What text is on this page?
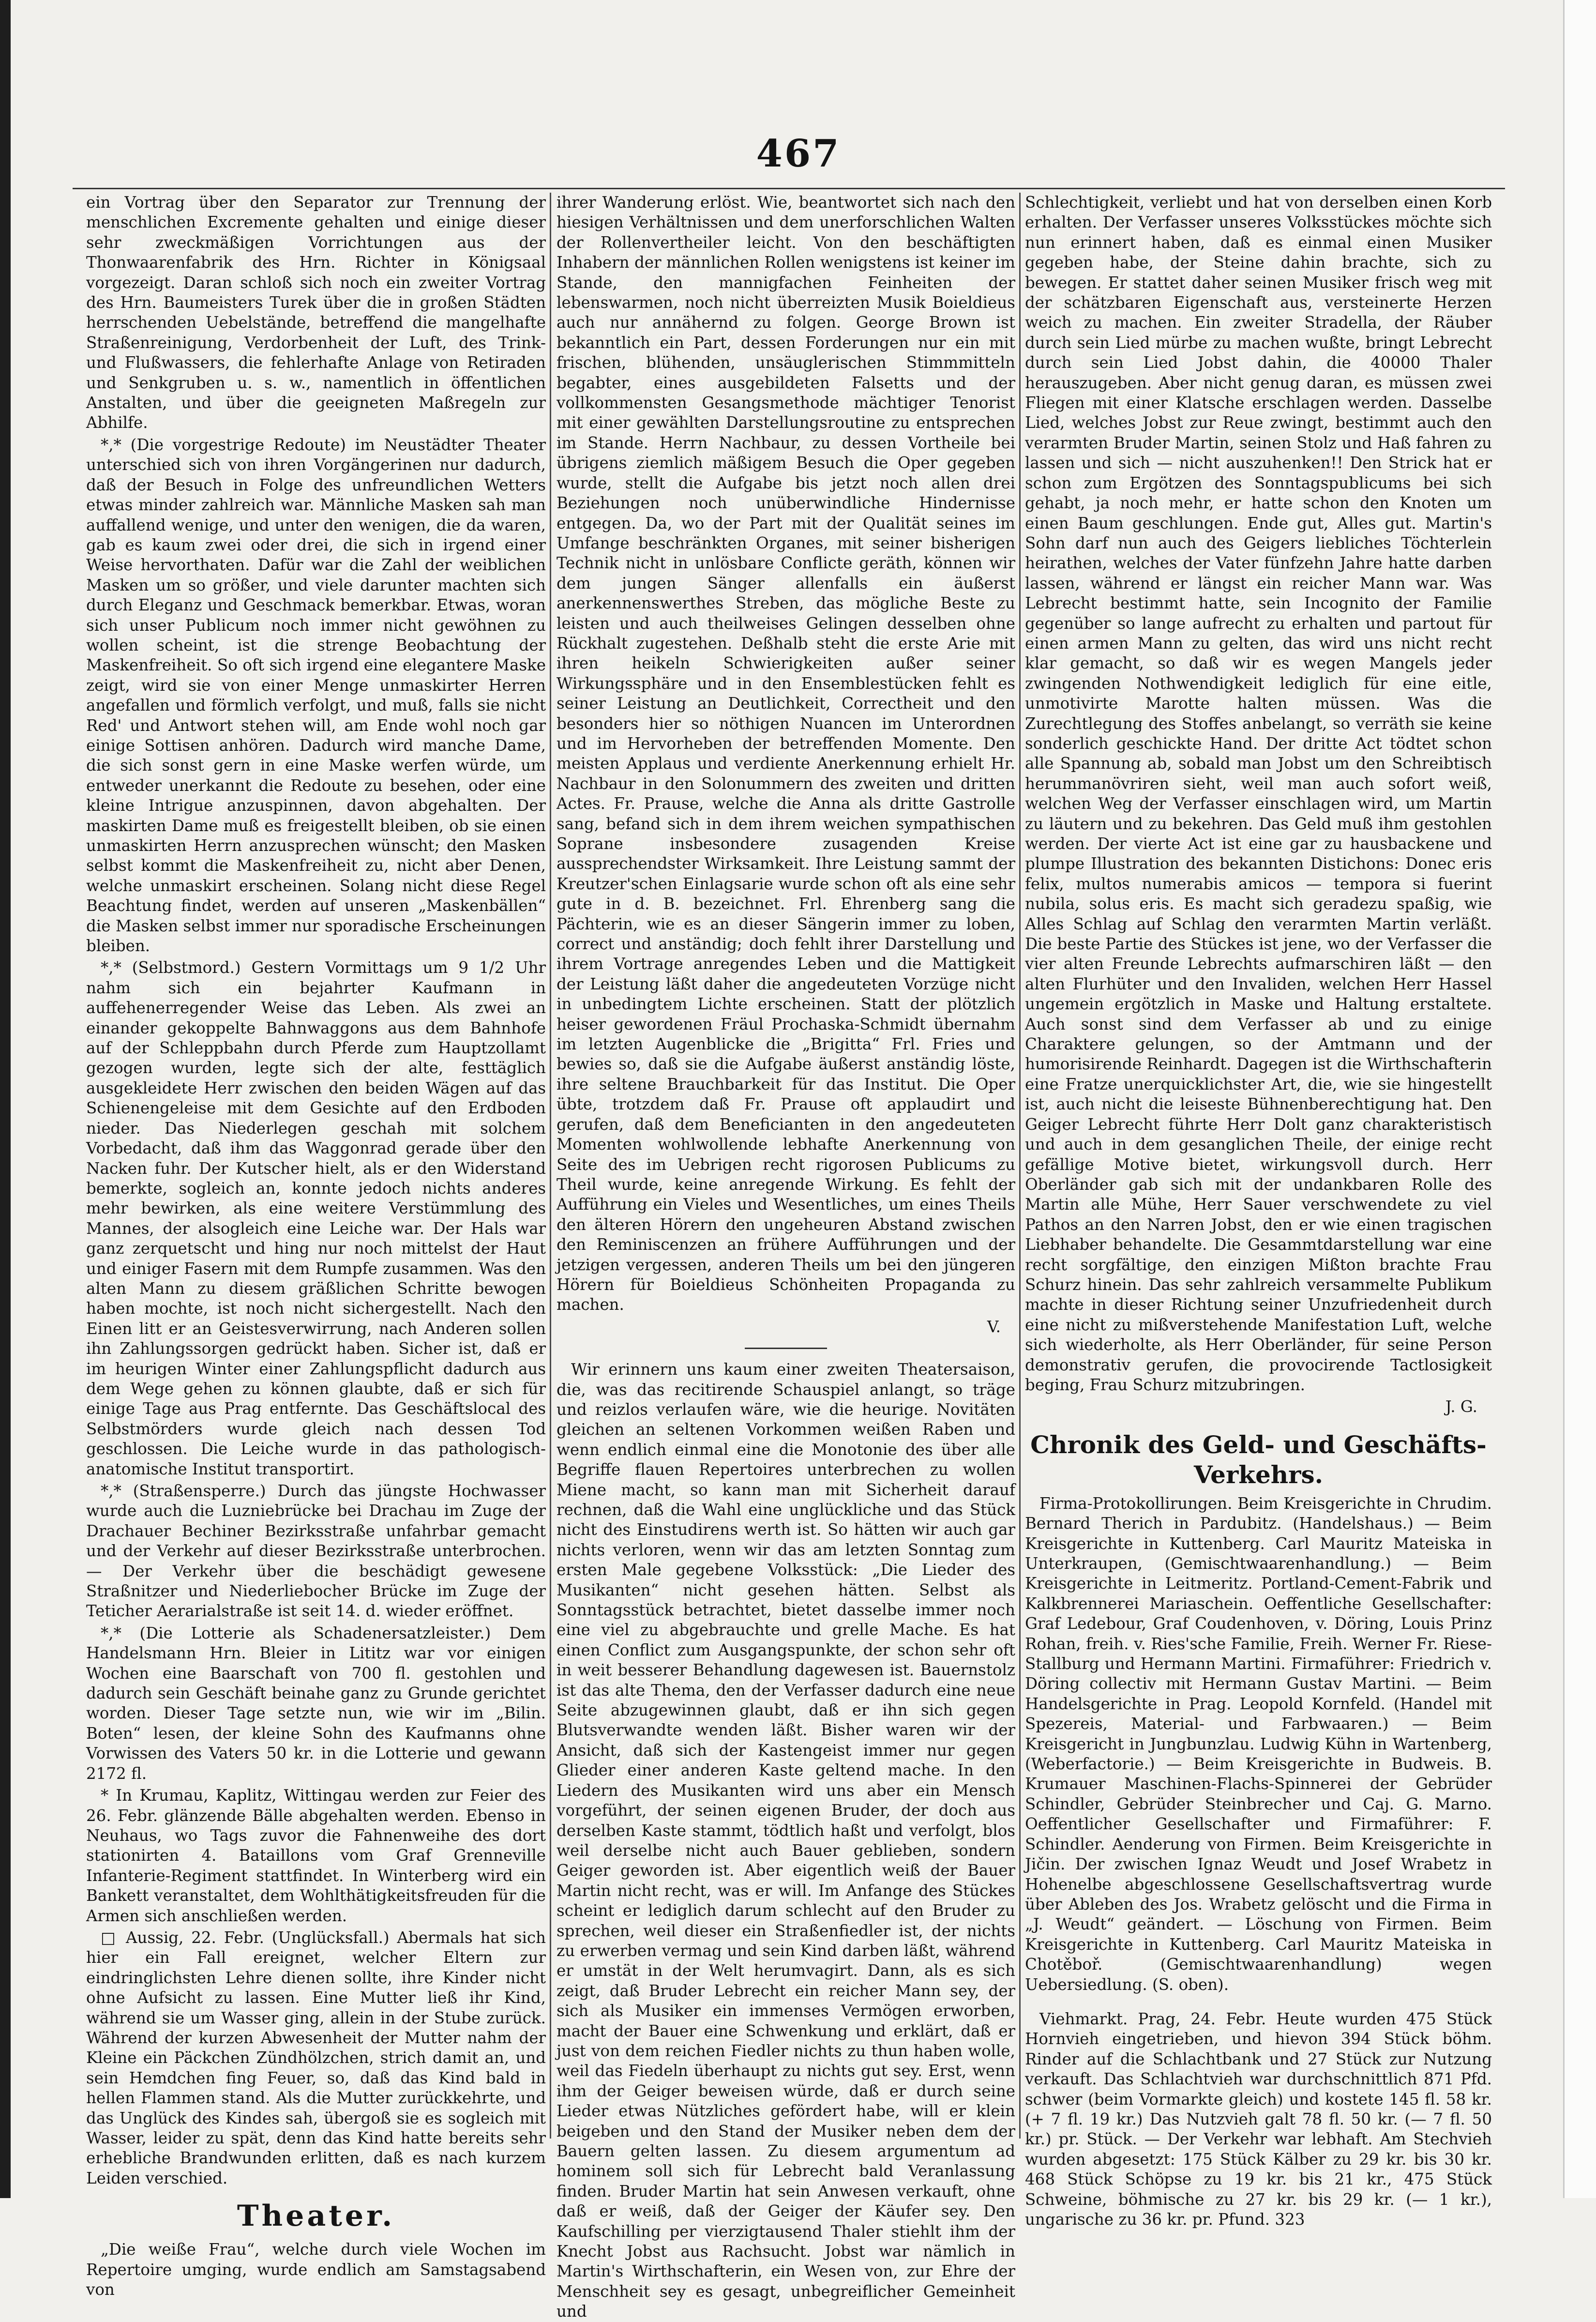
467

ein Vortrag über den Separator zur Trennung der menschlichen Excremente gehalten und einige dieser sehr zweckmäßigen Vorrichtungen aus der Thonwaarenfabrik des Hrn. Richter in Königsaal vorgezeigt. Daran schloß sich noch ein zweiter Vortrag des Hrn. Baumeisters Turek über die in großen Städten herrschenden Uebelstände, betreffend die mangelhafte Straßenreinigung, Verdorbenheit der Luft, des Trink- und Flußwassers, die fehlerhafte Anlage von Retiraden und Senkgruben u. s. w., namentlich in öffentlichen Anstalten, und über die geeigneten Maßregeln zur Abhilfe.

*,* (Die vorgestrige Redoute) im Neustädter Theater unterschied sich von ihren Vorgängerinen nur dadurch, daß der Besuch in Folge des unfreundlichen Wetters etwas minder zahlreich war. Männliche Masken sah man auffallend wenige, und unter den wenigen, die da waren, gab es kaum zwei oder drei, die sich in irgend einer Weise hervorthaten. Dafür war die Zahl der weiblichen Masken um so größer, und viele darunter machten sich durch Eleganz und Geschmack bemerkbar. Etwas, woran sich unser Publicum noch immer nicht gewöhnen zu wollen scheint, ist die strenge Beobachtung der Maskenfreiheit. So oft sich irgend eine elegantere Maske zeigt, wird sie von einer Menge unmaskirter Herren angefallen und förmlich verfolgt, und muß, falls sie nicht Red' und Antwort stehen will, am Ende wohl noch gar einige Sottisen anhören. Dadurch wird manche Dame, die sich sonst gern in eine Maske werfen würde, um entweder unerkannt die Redoute zu besehen, oder eine kleine Intrigue anzuspinnen, davon abgehalten. Der maskirten Dame muß es freigestellt bleiben, ob sie einen unmaskirten Herrn anzusprechen wünscht; den Masken selbst kommt die Maskenfreiheit zu, nicht aber Denen, welche unmaskirt erscheinen. Solang nicht diese Regel Beachtung findet, werden auf unseren „Maskenbällen“ die Masken selbst immer nur sporadische Erscheinungen bleiben.

*,* (Selbstmord.) Gestern Vormittags um 9 1/2 Uhr nahm sich ein bejahrter Kaufmann in auffehenerregender Weise das Leben. Als zwei an einander gekoppelte Bahnwaggons aus dem Bahnhofe auf der Schleppbahn durch Pferde zum Hauptzollamt gezogen wurden, legte sich der alte, festtäglich ausgekleidete Herr zwischen den beiden Wägen auf das Schienengeleise mit dem Gesichte auf den Erdboden nieder. Das Niederlegen geschah mit solchem Vorbedacht, daß ihm das Waggonrad gerade über den Nacken fuhr. Der Kutscher hielt, als er den Widerstand bemerkte, sogleich an, konnte jedoch nichts anderes mehr bewirken, als eine weitere Verstümmlung des Mannes, der alsogleich eine Leiche war. Der Hals war ganz zerquetscht und hing nur noch mittelst der Haut und einiger Fasern mit dem Rumpfe zusammen. Was den alten Mann zu diesem gräßlichen Schritte bewogen haben mochte, ist noch nicht sichergestellt. Nach den Einen litt er an Geistesverwirrung, nach Anderen sollen ihn Zahlungssorgen gedrückt haben. Sicher ist, daß er im heurigen Winter einer Zahlungspflicht dadurch aus dem Wege gehen zu können glaubte, daß er sich für einige Tage aus Prag entfernte. Das Geschäftslocal des Selbstmörders wurde gleich nach dessen Tod geschlossen. Die Leiche wurde in das pathologisch-anatomische Institut transportirt.

*,* (Straßensperre.) Durch das jüngste Hochwasser wurde auch die Luzniebrücke bei Drachau im Zuge der Drachauer Bechiner Bezirksstraße unfahrbar gemacht und der Verkehr auf dieser Bezirksstraße unterbrochen. — Der Verkehr über die beschädigt gewesene Straßnitzer und Niederliebocher Brücke im Zuge der Teticher Aerarialstraße ist seit 14. d. wieder eröffnet.

*,* (Die Lotterie als Schadenersatzleister.) Dem Handelsmann Hrn. Bleier in Lititz war vor einigen Wochen eine Baarschaft von 700 fl. gestohlen und dadurch sein Geschäft beinahe ganz zu Grunde gerichtet worden. Dieser Tage setzte nun, wie wir im „Bilin. Boten“ lesen, der kleine Sohn des Kaufmanns ohne Vorwissen des Vaters 50 kr. in die Lotterie und gewann 2172 fl.

* In Krumau, Kaplitz, Wittingau werden zur Feier des 26. Febr. glänzende Bälle abgehalten werden. Ebenso in Neuhaus, wo Tags zuvor die Fahnenweihe des dort stationirten 4. Bataillons vom Graf Grenneville Infanterie-Regiment stattfindet. In Winterberg wird ein Bankett veranstaltet, dem Wohlthätigkeitsfreuden für die Armen sich anschließen werden.

□ Aussig, 22. Febr. (Unglücksfall.) Abermals hat sich hier ein Fall ereignet, welcher Eltern zur eindringlichsten Lehre dienen sollte, ihre Kinder nicht ohne Aufsicht zu lassen. Eine Mutter ließ ihr Kind, während sie um Wasser ging, allein in der Stube zurück. Während der kurzen Abwesenheit der Mutter nahm der Kleine ein Päckchen Zündhölzchen, strich damit an, und sein Hemdchen fing Feuer, so, daß das Kind bald in hellen Flammen stand. Als die Mutter zurückkehrte, und das Unglück des Kindes sah, übergoß sie es sogleich mit Wasser, leider zu spät, denn das Kind hatte bereits sehr erhebliche Brandwunden erlitten, daß es nach kurzem Leiden verschied.

Theater.

„Die weiße Frau“, welche durch viele Wochen im Repertoire umging, wurde endlich am Samstagsabend von

ihrer Wanderung erlöst. Wie, beantwortet sich nach den hiesigen Verhältnissen und dem unerforschlichen Walten der Rollenvertheiler leicht. Von den beschäftigten Inhabern der männlichen Rollen wenigstens ist keiner im Stande, den mannigfachen Feinheiten der lebenswarmen, noch nicht überreizten Musik Boieldieus auch nur annähernd zu folgen. George Brown ist bekanntlich ein Part, dessen Forderungen nur ein mit frischen, blühenden, unsäuglerischen Stimmmitteln begabter, eines ausgebildeten Falsetts und der vollkommensten Gesangsmethode mächtiger Tenorist mit einer gewählten Darstellungsroutine zu entsprechen im Stande. Herrn Nachbaur, zu dessen Vortheile bei übrigens ziemlich mäßigem Besuch die Oper gegeben wurde, stellt die Aufgabe bis jetzt noch allen drei Beziehungen noch unüberwindliche Hindernisse entgegen. Da, wo der Part mit der Qualität seines im Umfange beschränkten Organes, mit seiner bisherigen Technik nicht in unlösbare Conflicte geräth, können wir dem jungen Sänger allenfalls ein äußerst anerkennenswerthes Streben, das mögliche Beste zu leisten und auch theilweises Gelingen desselben ohne Rückhalt zugestehen. Deßhalb steht die erste Arie mit ihren heikeln Schwierigkeiten außer seiner Wirkungssphäre und in den Ensemblestücken fehlt es seiner Leistung an Deutlichkeit, Correctheit und den besonders hier so nöthigen Nuancen im Unterordnen und im Hervorheben der betreffenden Momente. Den meisten Applaus und verdiente Anerkennung erhielt Hr. Nachbaur in den Solonummern des zweiten und dritten Actes. Fr. Prause, welche die Anna als dritte Gastrolle sang, befand sich in dem ihrem weichen sympathischen Soprane insbesondere zusagenden Kreise aussprechendster Wirksamkeit. Ihre Leistung sammt der Kreutzer'schen Einlagsarie wurde schon oft als eine sehr gute in d. B. bezeichnet. Frl. Ehrenberg sang die Pächterin, wie es an dieser Sängerin immer zu loben, correct und anständig; doch fehlt ihrer Darstellung und ihrem Vortrage anregendes Leben und die Mattigkeit der Leistung läßt daher die angedeuteten Vorzüge nicht in unbedingtem Lichte erscheinen. Statt der plötzlich heiser gewordenen Fräul Prochaska-Schmidt übernahm im letzten Augenblicke die „Brigitta“ Frl. Fries und bewies so, daß sie die Aufgabe äußerst anständig löste, ihre seltene Brauchbarkeit für das Institut. Die Oper übte, trotzdem daß Fr. Prause oft applaudirt und gerufen, daß dem Beneficianten in den angedeuteten Momenten wohlwollende lebhafte Anerkennung von Seite des im Uebrigen recht rigorosen Publicums zu Theil wurde, keine anregende Wirkung. Es fehlt der Aufführung ein Vieles und Wesentliches, um eines Theils den älteren Hörern den ungeheuren Abstand zwischen den Reminiscenzen an frühere Aufführungen und der jetzigen vergessen, anderen Theils um bei den jüngeren Hörern für Boieldieus Schönheiten Propaganda zu machen.

V.

Wir erinnern uns kaum einer zweiten Theatersaison, die, was das recitirende Schauspiel anlangt, so träge und reizlos verlaufen wäre, wie die heurige. Novitäten gleichen an seltenen Vorkommen weißen Raben und wenn endlich einmal eine die Monotonie des über alle Begriffe flauen Repertoires unterbrechen zu wollen Miene macht, so kann man mit Sicherheit darauf rechnen, daß die Wahl eine unglückliche und das Stück nicht des Einstudirens werth ist. So hätten wir auch gar nichts verloren, wenn wir das am letzten Sonntag zum ersten Male gegebene Volksstück: „Die Lieder des Musikanten“ nicht gesehen hätten. Selbst als Sonntagsstück betrachtet, bietet dasselbe immer noch eine viel zu abgebrauchte und grelle Mache. Es hat einen Conflict zum Ausgangspunkte, der schon sehr oft in weit besserer Behandlung dagewesen ist. Bauernstolz ist das alte Thema, den der Verfasser dadurch eine neue Seite abzugewinnen glaubt, daß er ihn sich gegen Blutsverwandte wenden läßt. Bisher waren wir der Ansicht, daß sich der Kastengeist immer nur gegen Glieder einer anderen Kaste geltend mache. In den Liedern des Musikanten wird uns aber ein Mensch vorgeführt, der seinen eigenen Bruder, der doch aus derselben Kaste stammt, tödtlich haßt und verfolgt, blos weil derselbe nicht auch Bauer geblieben, sondern Geiger geworden ist. Aber eigentlich weiß der Bauer Martin nicht recht, was er will. Im Anfange des Stückes scheint er lediglich darum schlecht auf den Bruder zu sprechen, weil dieser ein Straßenfiedler ist, der nichts zu erwerben vermag und sein Kind darben läßt, während er umstät in der Welt herumvagirt. Dann, als es sich zeigt, daß Bruder Lebrecht ein reicher Mann sey, der sich als Musiker ein immenses Vermögen erworben, macht der Bauer eine Schwenkung und erklärt, daß er just von dem reichen Fiedler nichts zu thun haben wolle, weil das Fiedeln überhaupt zu nichts gut sey. Erst, wenn ihm der Geiger beweisen würde, daß er durch seine Lieder etwas Nützliches gefördert habe, will er klein beigeben und den Stand der Musiker neben dem der Bauern gelten lassen. Zu diesem argumentum ad hominem soll sich für Lebrecht bald Veranlassung finden. Bruder Martin hat sein Anwesen verkauft, ohne daß er weiß, daß der Geiger der Käufer sey. Den Kaufschilling per vierzigtausend Thaler stiehlt ihm der Knecht Jobst aus Rachsucht. Jobst war nämlich in Martin's Wirthschafterin, ein Wesen von, zur Ehre der Menschheit sey es gesagt, unbegreiflicher Gemeinheit und

Schlechtigkeit, verliebt und hat von derselben einen Korb erhalten. Der Verfasser unseres Volksstückes möchte sich nun erinnert haben, daß es einmal einen Musiker gegeben habe, der Steine dahin brachte, sich zu bewegen. Er stattet daher seinen Musiker frisch weg mit der schätzbaren Eigenschaft aus, versteinerte Herzen weich zu machen. Ein zweiter Stradella, der Räuber durch sein Lied mürbe zu machen wußte, bringt Lebrecht durch sein Lied Jobst dahin, die 40000 Thaler herauszugeben. Aber nicht genug daran, es müssen zwei Fliegen mit einer Klatsche erschlagen werden. Dasselbe Lied, welches Jobst zur Reue zwingt, bestimmt auch den verarmten Bruder Martin, seinen Stolz und Haß fahren zu lassen und sich — nicht auszuhenken!! Den Strick hat er schon zum Ergötzen des Sonntagspublicums bei sich gehabt, ja noch mehr, er hatte schon den Knoten um einen Baum geschlungen. Ende gut, Alles gut. Martin's Sohn darf nun auch des Geigers liebliches Töchterlein heirathen, welches der Vater fünfzehn Jahre hatte darben lassen, während er längst ein reicher Mann war. Was Lebrecht bestimmt hatte, sein Incognito der Familie gegenüber so lange aufrecht zu erhalten und partout für einen armen Mann zu gelten, das wird uns nicht recht klar gemacht, so daß wir es wegen Mangels jeder zwingenden Nothwendigkeit lediglich für eine eitle, unmotivirte Marotte halten müssen. Was die Zurechtlegung des Stoffes anbelangt, so verräth sie keine sonderlich geschickte Hand. Der dritte Act tödtet schon alle Spannung ab, sobald man Jobst um den Schreibtisch herummanövriren sieht, weil man auch sofort weiß, welchen Weg der Verfasser einschlagen wird, um Martin zu läutern und zu bekehren. Das Geld muß ihm gestohlen werden. Der vierte Act ist eine gar zu hausbackene und plumpe Illustration des bekannten Distichons: Donec eris felix, multos numerabis amicos — tempora si fuerint nubila, solus eris. Es macht sich geradezu spaßig, wie Alles Schlag auf Schlag den verarmten Martin verläßt. Die beste Partie des Stückes ist jene, wo der Verfasser die vier alten Freunde Lebrechts aufmarschiren läßt — den alten Flurhüter und den Invaliden, welchen Herr Hassel ungemein ergötzlich in Maske und Haltung erstaltete. Auch sonst sind dem Verfasser ab und zu einige Charaktere gelungen, so der Amtmann und der humorisirende Reinhardt. Dagegen ist die Wirthschafterin eine Fratze unerquicklichster Art, die, wie sie hingestellt ist, auch nicht die leiseste Bühnenberechtigung hat. Den Geiger Lebrecht führte Herr Dolt ganz charakteristisch und auch in dem gesanglichen Theile, der einige recht gefällige Motive bietet, wirkungsvoll durch. Herr Oberländer gab sich mit der undankbaren Rolle des Martin alle Mühe, Herr Sauer verschwendete zu viel Pathos an den Narren Jobst, den er wie einen tragischen Liebhaber behandelte. Die Gesammtdarstellung war eine recht sorgfältige, den einzigen Mißton brachte Frau Schurz hinein. Das sehr zahlreich versammelte Publikum machte in dieser Richtung seiner Unzufriedenheit durch eine nicht zu mißverstehende Manifestation Luft, welche sich wiederholte, als Herr Oberländer, für seine Person demonstrativ gerufen, die provocirende Tactlosigkeit beging, Frau Schurz mitzubringen.

J. G.
Chronik des Geld- und Geschäfts-Verkehrs.

Firma-Protokollirungen. Beim Kreisgerichte in Chrudim. Bernard Therich in Pardubitz. (Handelshaus.) — Beim Kreisgerichte in Kuttenberg. Carl Mauritz Mateiska in Unterkraupen, (Gemischtwaarenhandlung.) — Beim Kreisgerichte in Leitmeritz. Portland-Cement-Fabrik und Kalkbrennerei Mariaschein. Oeffentliche Gesellschafter: Graf Ledebour, Graf Coudenhoven, v. Döring, Louis Prinz Rohan, freih. v. Ries'sche Familie, Freih. Werner Fr. Riese-Stallburg und Hermann Martini. Firmaführer: Friedrich v. Döring collectiv mit Hermann Gustav Martini. — Beim Handelsgerichte in Prag. Leopold Kornfeld. (Handel mit Spezereis, Material- und Farbwaaren.) — Beim Kreisgericht in Jungbunzlau. Ludwig Kühn in Wartenberg, (Weberfactorie.) — Beim Kreisgerichte in Budweis. B. Krumauer Maschinen-Flachs-Spinnerei der Gebrüder Schindler, Gebrüder Steinbrecher und Caj. G. Marno. Oeffentlicher Gesellschafter und Firmaführer: F. Schindler. Aenderung von Firmen. Beim Kreisgerichte in Jičin. Der zwischen Ignaz Weudt und Josef Wrabetz in Hohenelbe abgeschlossene Gesellschaftsvertrag wurde über Ableben des Jos. Wrabetz gelöscht und die Firma in „J. Weudt“ geändert. — Löschung von Firmen. Beim Kreisgerichte in Kuttenberg. Carl Mauritz Mateiska in Chotěboř. (Gemischtwaarenhandlung) wegen Uebersiedlung. (S. oben).

Viehmarkt. Prag, 24. Febr. Heute wurden 475 Stück Hornvieh eingetrieben, und hievon 394 Stück böhm. Rinder auf die Schlachtbank und 27 Stück zur Nutzung verkauft. Das Schlachtvieh war durchschnittlich 871 Pfd. schwer (beim Vormarkte gleich) und kostete 145 fl. 58 kr. (+ 7 fl. 19 kr.) Das Nutzvieh galt 78 fl. 50 kr. (— 7 fl. 50 kr.) pr. Stück. — Der Verkehr war lebhaft. Am Stechvieh wurden abgesetzt: 175 Stück Kälber zu 29 kr. bis 30 kr. 468 Stück Schöpse zu 19 kr. bis 21 kr., 475 Stück Schweine, böhmische zu 27 kr. bis 29 kr. (— 1 kr.), ungarische zu 36 kr. pr. Pfund. 323
